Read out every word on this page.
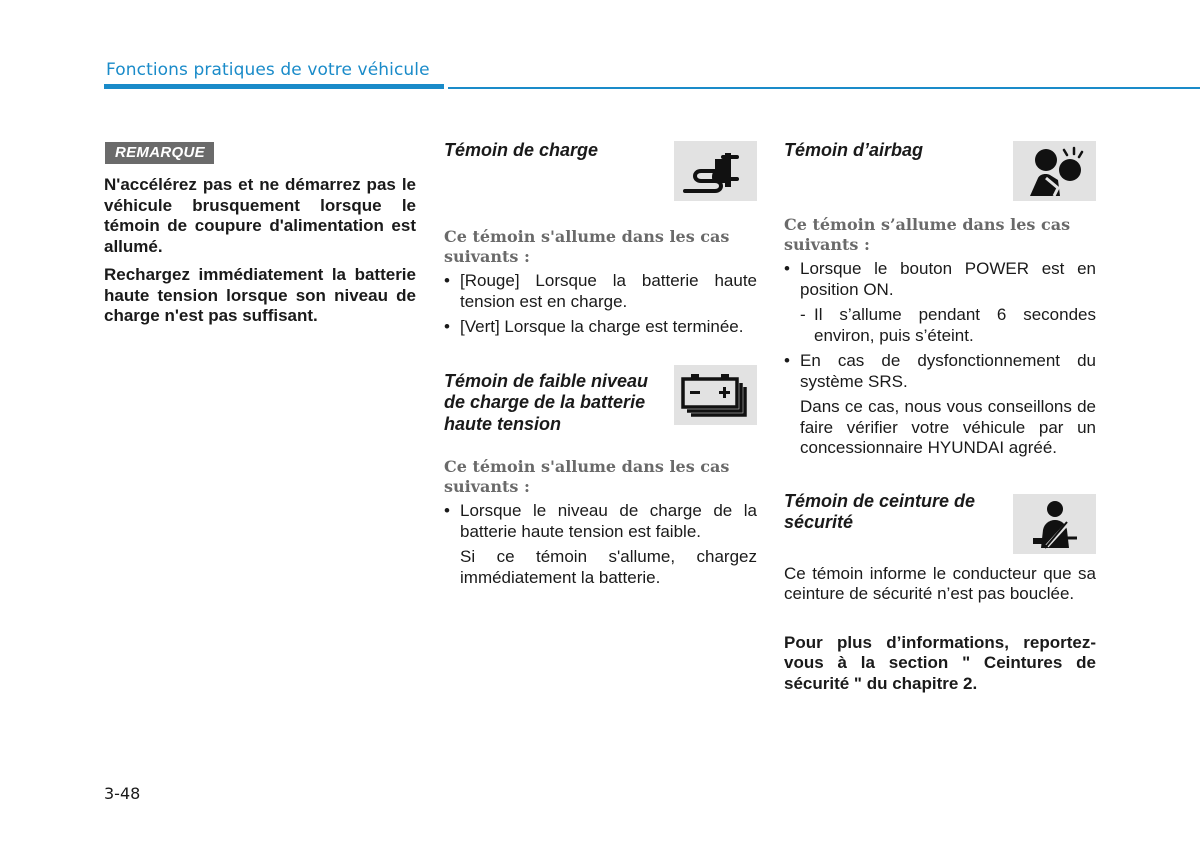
Fonctions pratiques de votre véhicule
REMARQUE

N'accélérez pas et ne démarrez pas le véhicule brusquement lorsque le témoin de coupure d'alimentation est allumé.

Rechargez immédiatement la batterie haute tension lorsque son niveau de charge n'est pas suffisant.

Témoin de charge

Ce témoin s'allume dans les cas suivants :

• [Rouge] Lorsque la batterie haute tension est en charge.
• [Vert] Lorsque la charge est terminée.
Témoin de faible niveau de charge de la batterie haute tension

Ce témoin s'allume dans les cas suivants :

• Lorsque le niveau de charge de la batterie haute tension est faible.
Si ce témoin s'allume, chargez immédiatement la batterie.
Témoin d’airbag

Ce témoin s’allume dans les cas suivants :

• Lorsque le bouton POWER est en position ON.
- Il s’allume pendant 6 secondes environ, puis s’éteint.
• En cas de dysfonctionnement du système SRS.
Dans ce cas, nous vous conseillons de faire vérifier votre véhicule par un concessionnaire HYUNDAI agréé.
Témoin de ceinture de sécurité

Ce témoin informe le conducteur que sa ceinture de sécurité n’est pas bouclée.

Pour plus d’informations, reportez-vous à la section " Ceintures de sécurité " du chapitre 2.

3-48
